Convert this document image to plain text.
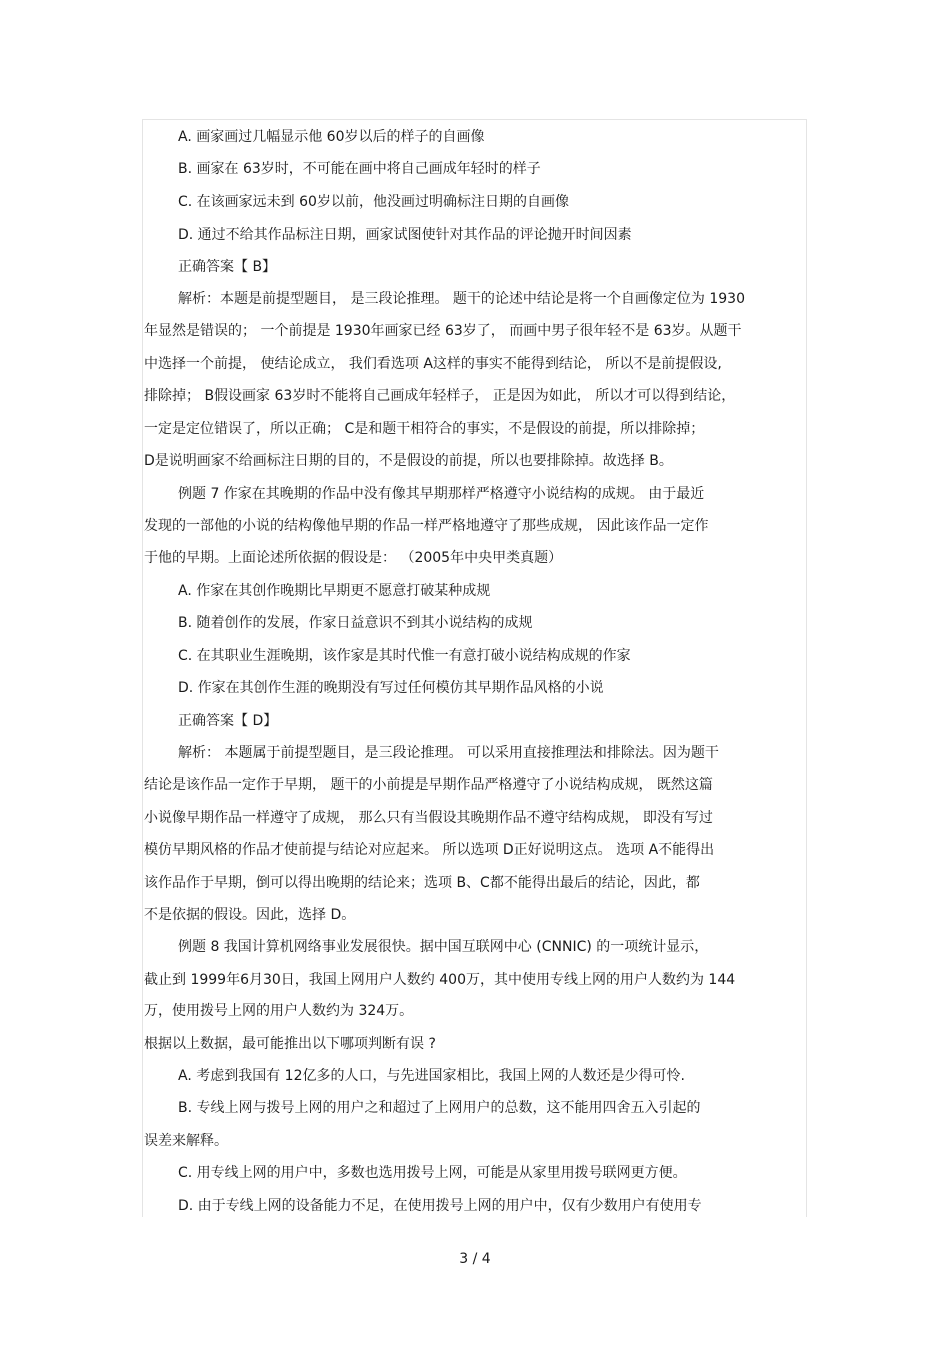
A. 画家画过几幅显示他 60岁以后的样子的自画像
B. 画家在 63岁时，不可能在画中将自己画成年轻时的样子
C. 在该画家远未到 60岁以前，他没画过明确标注日期的自画像
D. 通过不给其作品标注日期，画家试图使针对其作品的评论抛开时间因素
正确答案【 B】
解析：本题是前提型题目， 是三段论推理。 题干的论述中结论是将一个自画像定位为 1930
年显然是错误的； 一个前提是 1930年画家已经 63岁了， 而画中男子很年轻不是 63岁。从题干
中选择一个前提， 使结论成立， 我们看选项 A这样的事实不能得到结论， 所以不是前提假设,
排除掉； B假设画家 63岁时不能将自己画成年轻样子， 正是因为如此， 所以才可以得到结论，
一定是定位错误了，所以正确； C是和题干相符合的事实，不是假设的前提，所以排除掉；
D是说明画家不给画标注日期的目的，不是假设的前提，所以也要排除掉。故选择 B。
例题 7 作家在其晚期的作品中没有像其早期那样严格遵守小说结构的成规。 由于最近
发现的一部他的小说的结构像他早期的作品一样严格地遵守了那些成规， 因此该作品一定作
于他的早期。上面论述所依据的假设是： （2005年中央甲类真题）
A. 作家在其创作晚期比早期更不愿意打破某种成规
B. 随着创作的发展，作家日益意识不到其小说结构的成规
C. 在其职业生涯晚期，该作家是其时代惟一有意打破小说结构成规的作家
D. 作家在其创作生涯的晚期没有写过任何模仿其早期作品风格的小说
正确答案【 D】
解析： 本题属于前提型题目，是三段论推理。 可以采用直接推理法和排除法。因为题干
结论是该作品一定作于早期， 题干的小前提是早期作品严格遵守了小说结构成规， 既然这篇
小说像早期作品一样遵守了成规， 那么只有当假设其晚期作品不遵守结构成规， 即没有写过
模仿早期风格的作品才使前提与结论对应起来。 所以选项 D正好说明这点。 选项 A不能得出
该作品作于早期，倒可以得出晚期的结论来；选项 B、C都不能得出最后的结论，因此，都
不是依据的假设。因此，选择 D。
例题 8 我国计算机网络事业发展很快。据中国互联网中心 (CNNIC) 的一项统计显示，
截止到 1999年6月30日，我国上网用户人数约 400万，其中使用专线上网的用户人数约为 144
万，使用拨号上网的用户人数约为 324万。
根据以上数据，最可能推出以下哪项判断有误 ?
A. 考虑到我国有 12亿多的人口，与先进国家相比，我国上网的人数还是少得可怜.
B. 专线上网与拨号上网的用户之和超过了上网用户的总数，这不能用四舍五入引起的
误差来解释。
C. 用专线上网的用户中，多数也选用拨号上网，可能是从家里用拨号联网更方便。
D. 由于专线上网的设备能力不足，在使用拨号上网的用户中，仅有少数用户有使用专
3 / 4
